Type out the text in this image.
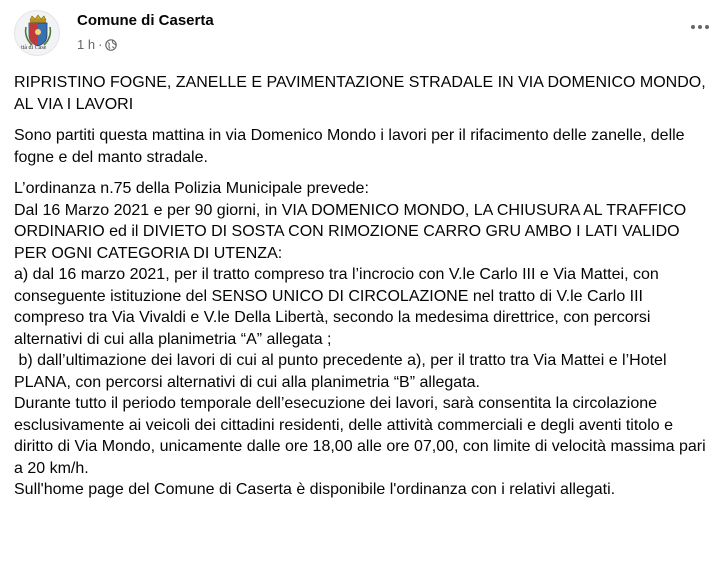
ttà di Case
Comune di Caserta
1 h ·

RIPRISTINO FOGNE, ZANELLE E PAVIMENTAZIONE STRADALE IN VIA DOMENICO MONDO, AL VIA I LAVORI

Sono partiti questa mattina in via Domenico Mondo i lavori per il rifacimento delle zanelle, delle fogne e del manto stradale.

L’ordinanza n.75 della Polizia Municipale prevede:
Dal 16 Marzo 2021 e per 90 giorni, in VIA DOMENICO MONDO, LA CHIUSURA AL TRAFFICO ORDINARIO ed il DIVIETO DI SOSTA CON RIMOZIONE CARRO GRU AMBO I LATI VALIDO PER OGNI CATEGORIA DI UTENZA:
a) dal 16 marzo 2021, per il tratto compreso tra l’incrocio con V.le Carlo III e Via Mattei, con conseguente istituzione del SENSO UNICO DI CIRCOLAZIONE nel tratto di V.le Carlo III compreso tra Via Vivaldi e V.le Della Libertà, secondo la medesima direttrice, con percorsi alternativi di cui alla planimetria “A” allegata ;
b) dall’ultimazione dei lavori di cui al punto precedente a), per il tratto tra Via Mattei e l’Hotel PLANA, con percorsi alternativi di cui alla planimetria “B” allegata.
Durante tutto il periodo temporale dell’esecuzione dei lavori, sarà consentita la circolazione esclusivamente ai veicoli dei cittadini residenti, delle attività commerciali e degli aventi titolo e diritto di Via Mondo, unicamente dalle ore 18,00 alle ore 07,00, con limite di velocità massima pari a 20 km/h.
Sull'home page del Comune di Caserta è disponibile l'ordinanza con i relativi allegati.
